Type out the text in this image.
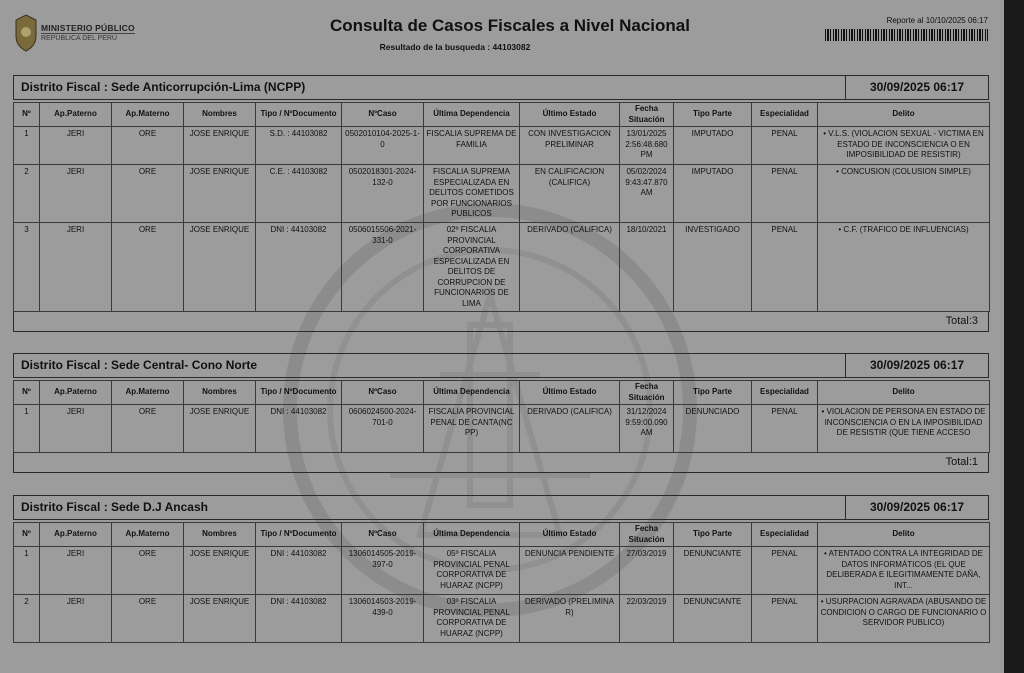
MINISTERIO PÚBLICO
REPÚBLICA DEL PERÚ
Consulta de Casos Fiscales a Nivel Nacional
Resultado de la busqueda : 44103082
Reporte al 10/10/2025 06:17
Distrito Fiscal : Sede Anticorrupción-Lima (NCPP)	30/09/2025 06:17
Nº	Ap.Paterno	Ap.Materno	Nombres	Tipo / NºDocumento	NºCaso	Última Dependencia	Último Estado	Fecha Situación	Tipo Parte	Especialidad	Delito
1	JERI	ORE	JOSE ENRIQUE	S.D. : 44103082	0502010104-2025-1-0	FISCALIA SUPREMA DE FAMILIA	CON INVESTIGACION PRELIMINAR	13/01/2025 2:56:48.680 PM	IMPUTADO	PENAL	• V.L.S. (VIOLACION SEXUAL - VICTIMA EN ESTADO DE INCONSCIENCIA O EN IMPOSIBILIDAD DE RESISTIR)
2	JERI	ORE	JOSE ENRIQUE	C.E. : 44103082	0502018301-2024-132-0	FISCALIA SUPREMA ESPECIALIZADA EN DELITOS COMETIDOS POR FUNCIONARIOS PUBLICOS	EN CALIFICACION (CALIFICA)	05/02/2024 9:43:47.870 AM	IMPUTADO	PENAL	• CONCUSION (COLUSION SIMPLE)
3	JERI	ORE	JOSE ENRIQUE	DNI : 44103082	0506015506-2021-331-0	02º FISCALIA PROVINCIAL CORPORATIVA ESPECIALIZADA EN DELITOS DE CORRUPCION DE FUNCIONARIOS DE LIMA	DERIVADO (CALIFICA)	18/10/2021	INVESTIGADO	PENAL	• C.F. (TRAFICO DE INFLUENCIAS)
Total:3
Distrito Fiscal : Sede Central- Cono Norte	30/09/2025 06:17
Nº	Ap.Paterno	Ap.Materno	Nombres	Tipo / NºDocumento	NºCaso	Última Dependencia	Último Estado	Fecha Situación	Tipo Parte	Especialidad	Delito
1	JERI	ORE	JOSE ENRIQUE	DNI : 44103082	0606024500-2024-701-0	FISCALIA PROVINCIAL PENAL DE CANTA(NC PP)	DERIVADO (CALIFICA)	31/12/2024 9:59:00.090 AM	DENUNCIADO	PENAL	• VIOLACION DE PERSONA EN ESTADO DE INCONSCIENCIA O EN LA IMPOSIBILIDAD DE RESISTIR (QUE TIENE ACCESO
Total:1
Distrito Fiscal : Sede D.J Ancash	30/09/2025 06:17
Nº	Ap.Paterno	Ap.Materno	Nombres	Tipo / NºDocumento	NºCaso	Última Dependencia	Último Estado	Fecha Situación	Tipo Parte	Especialidad	Delito
1	JERI	ORE	JOSE ENRIQUE	DNI : 44103082	1306014505-2019-397-0	05º FISCALIA PROVINCIAL PENAL CORPORATIVA DE HUARAZ (NCPP)	DENUNCIA PENDIENTE	27/03/2019	DENUNCIANTE	PENAL	• ATENTADO CONTRA LA INTEGRIDAD DE DATOS INFORMÁTICOS (EL QUE DELIBERADA E ILEGITIMAMENTE DAÑA, INT...
2	JERI	ORE	JOSE ENRIQUE	DNI : 44103082	1306014503-2019-439-0	03º FISCALIA PROVINCIAL PENAL CORPORATIVA DE HUARAZ (NCPP)	DERIVADO (PRELIMINA R)	22/03/2019	DENUNCIANTE	PENAL	• USURPACION AGRAVADA (ABUSANDO DE CONDICION O CARGO DE FUNCIONARIO O SERVIDOR PUBLICO)
